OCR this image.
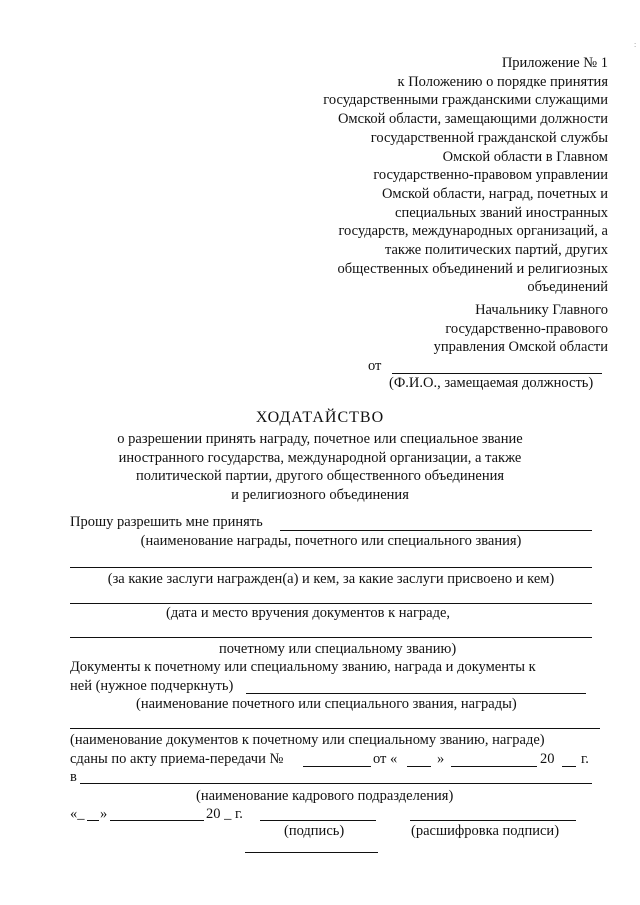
Приложение № 1
к Положению о порядке принятия
государственными гражданскими служащими
Омской области, замещающими должности
государственной гражданской службы
Омской области в Главном
государственно-правовом управлении
Омской области, наград, почетных и
специальных званий иностранных
государств, международных организаций, а
также политических партий, других
общественных объединений и религиозных
объединений
Начальнику Главного
государственно-правового
управления Омской области
от
(Ф.И.О., замещаемая должность)
ХОДАТАЙСТВО
о разрешении принять награду, почетное или специальное звание
иностранного государства, международной организации, а также
политической партии, другого общественного объединения
и религиозного объединения
Прошу разрешить мне принять
(наименование награды, почетного или специального звания)
(за какие заслуги награжден(а) и кем, за какие заслуги присвоено и кем)
(дата и место вручения документов к награде,
почетному или специальному званию)
Документы к почетному или специальному званию, награда и документы к
ней (нужное подчеркнуть)
(наименование почетного или специального звания, награды)
(наименование документов к почетному или специальному званию, награде)
сданы по акту приема-передачи №	от «	»	20 г.
в
(наименование кадрового подразделения)
«_ »	20 _ г.
(подпись)	(расшифровка подписи)
:
